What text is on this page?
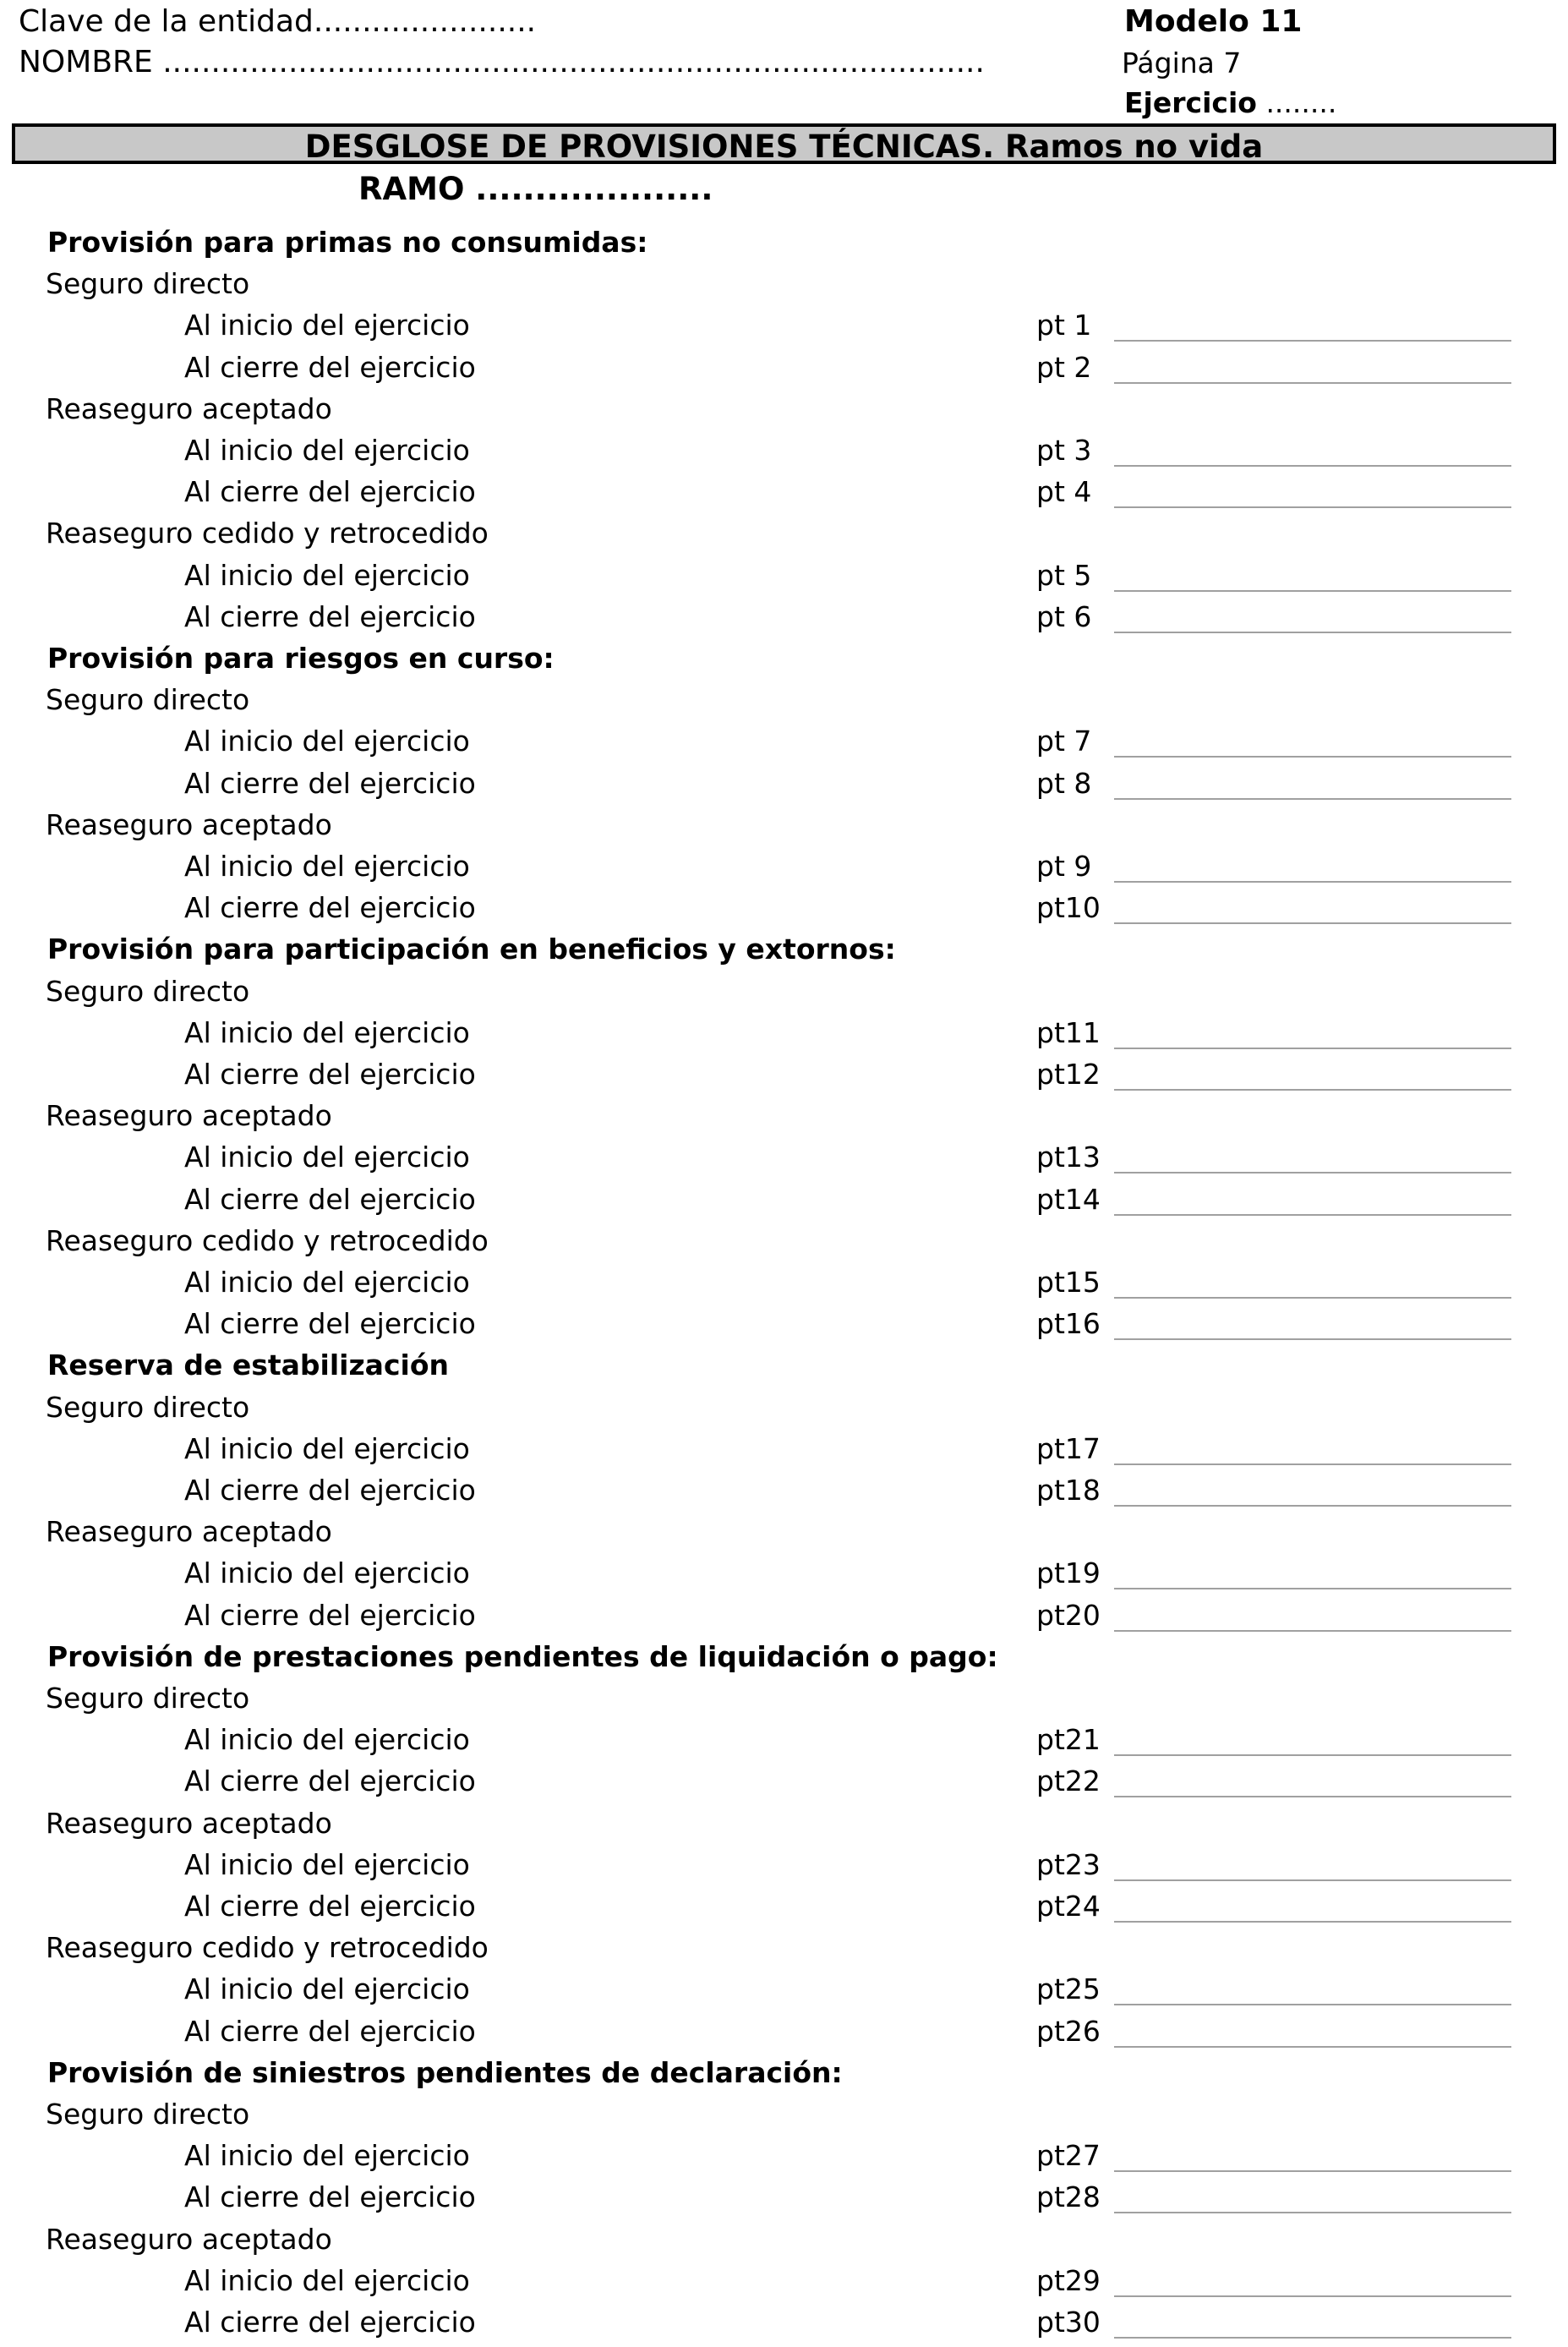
Clave de la entidad.......................	Modelo 11
NOMBRE .....................................................................................	Página 7
Ejercicio ........
DESGLOSE DE PROVISIONES TÉCNICAS. Ramos no vida
RAMO ....................
Provisión para primas no consumidas:
Seguro directo
Al inicio del ejercicio	pt 1
Al cierre del ejercicio	pt 2
Reaseguro aceptado
Al inicio del ejercicio	pt 3
Al cierre del ejercicio	pt 4
Reaseguro cedido y retrocedido
Al inicio del ejercicio	pt 5
Al cierre del ejercicio	pt 6
Provisión para riesgos en curso:
Seguro directo
Al inicio del ejercicio	pt 7
Al cierre del ejercicio	pt 8
Reaseguro aceptado
Al inicio del ejercicio	pt 9
Al cierre del ejercicio	pt10
Provisión para participación en beneficios y extornos:
Seguro directo
Al inicio del ejercicio	pt11
Al cierre del ejercicio	pt12
Reaseguro aceptado
Al inicio del ejercicio	pt13
Al cierre del ejercicio	pt14
Reaseguro cedido y retrocedido
Al inicio del ejercicio	pt15
Al cierre del ejercicio	pt16
Reserva de estabilización
Seguro directo
Al inicio del ejercicio	pt17
Al cierre del ejercicio	pt18
Reaseguro aceptado
Al inicio del ejercicio	pt19
Al cierre del ejercicio	pt20
Provisión de prestaciones pendientes de liquidación o pago:
Seguro directo
Al inicio del ejercicio	pt21
Al cierre del ejercicio	pt22
Reaseguro aceptado
Al inicio del ejercicio	pt23
Al cierre del ejercicio	pt24
Reaseguro cedido y retrocedido
Al inicio del ejercicio	pt25
Al cierre del ejercicio	pt26
Provisión de siniestros pendientes de declaración:
Seguro directo
Al inicio del ejercicio	pt27
Al cierre del ejercicio	pt28
Reaseguro aceptado
Al inicio del ejercicio	pt29
Al cierre del ejercicio	pt30
